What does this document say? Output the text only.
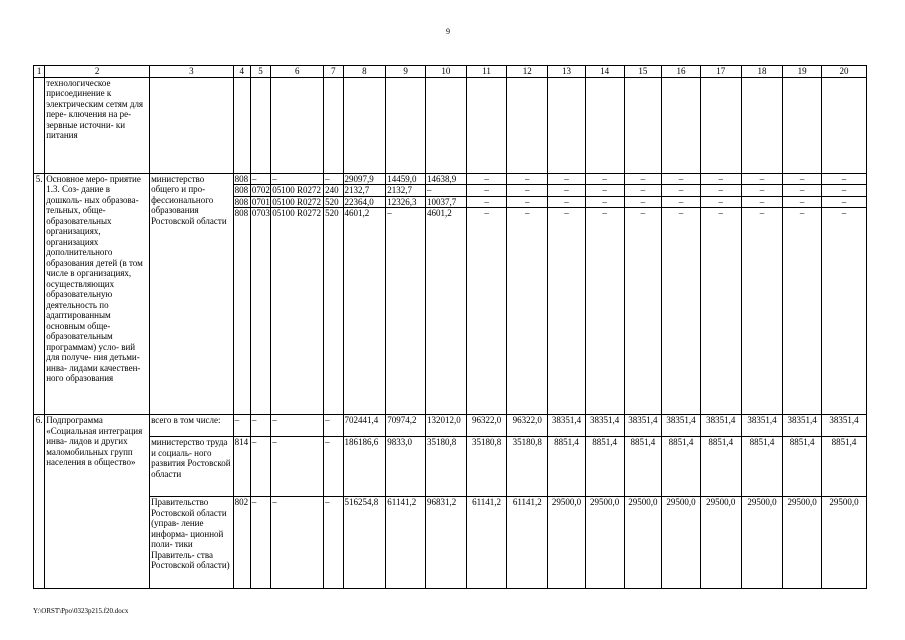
9
1	2	3	4	5	6	7	8	9	10	11	12	13	14	15	16	17	18	19	20
	технологическое присоединение к электрическим сетям для пере- ключения на ре- зервные источни- ки питания																		
5.	Основное меро- приятие 1.3. Соз- дание в дошколь- ных образова- тельных, обще- образовательных организациях, организациях дополнительного образования детей (в том числе в организациях, осуществляющих образовательную деятельность по адаптированным основным обще- образовательным программам) усло- вий для получе- ния детьми-инва- лидами качествен- ного образования	министерство общего и про- фессионального образования Ростовской области	808	–	–	–	29097,9	14459,0	14638,9	–	–	–	–	–	–	–	–	–	–
			808	0702	05100 R0272	240	2132,7	2132,7	–	–	–	–	–	–	–	–	–	–	–
			808	0701	05100 R0272	520	22364,0	12326,3	10037,7	–	–	–	–	–	–	–	–	–	–
			808	0703	05100 R0272	520	4601,2	–	4601,2	–	–	–	–	–	–	–	–	–	–
6.	Подпрограмма «Социальная интеграция инва- лидов и других маломобильных групп населения в общество»	всего в том числе:	–	–	–	–	702441,4	70974,2	132012,0	96322,0	96322,0	38351,4	38351,4	38351,4	38351,4	38351,4	38351,4	38351,4	38351,4
		министерство труда и социаль- ного развития Ростовской области	814	–	–	–	186186,6	9833,0	35180,8	35180,8	35180,8	8851,4	8851,4	8851,4	8851,4	8851,4	8851,4	8851,4	8851,4
		Правительство Ростовской области (управ- ление информа- ционной поли- тики Правитель- ства Ростовской области)	802	–	–	–	516254,8	61141,2	96831,2	61141,2	61141,2	29500,0	29500,0	29500,0	29500,0	29500,0	29500,0	29500,0	29500,0
Y:\ORST\Ppo\0323p215.f20.docx
